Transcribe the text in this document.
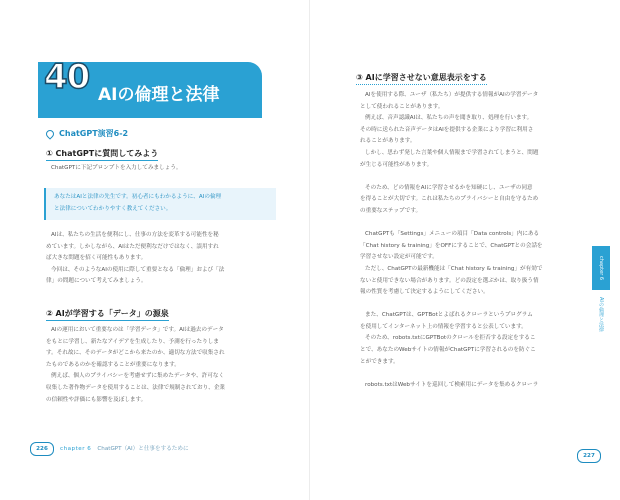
40 AIの倫理と法律
ChatGPT演習6-2
① ChatGPTに質問してみよう

ChatGPTに下記プロンプトを入力してみましょう。

あなたはAIと法律の先生です。初心者にもわかるように、AIの倫理
と法律についてわかりやすく教えてください。
AIは、私たちの生活を便利にし、仕事の方法を変革する可能性を秘
めています。しかしながら、AIはただ便利なだけではなく、誤用すれ
ば大きな問題を招く可能性もあります。
今回は、そのようなAIの使用に際して重要となる「倫理」および「法
律」の問題について考えてみましょう。
② AIが学習する「データ」の源泉
AIの運用において重要なのは「学習データ」です。AIは過去のデータ
をもとに学習し、新たなアイデアを生成したり、予測を行ったりしま
す。それ故に、そのデータがどこから来たのか、適切な方法で収集され
たものであるのかを確認することが重要になります。
例えば、個人のプライバシーを考慮せずに集めたデータや、許可なく
収集した著作物データを使用することは、法律で規制されており、企業
の信頼性や評価にも影響を及ぼします。
226 chapter 6 ChatGPT（AI）と仕事をするために
③ AIに学習させない意思表示をする
AIを使用する際、ユーザ（私たち）が提供する情報がAIの学習データ
として使われることがあります。
例えば、音声認識AIは、私たちの声を聞き取り、処理を行います。
その時に送られた音声データはAIを提供する企業により学習に利用さ
れることがあります。
しかし、思わず発した言葉や個人情報まで学習されてしまうと、問題
が生じる可能性があります。
そのため、どの情報をAIに学習させるかを知硬にし、ユーザの同意
を得ることが大切です。これは私たちのプライバシーと自由を守るため
の重要なステップです。
ChatGPTも「Settings」メニューの項目「Data controls」内にある
「Chat history & training」をOFFにすることで、ChatGPTとの会話を
学習させない設定が可能です。
ただし、ChatGPTの最新機能は「Chat history & training」が有効で
ないと使用できない場合があります。どの設定を選ぶかは、取り扱う情
報の性質を考慮して決定するようにしてください。
また、ChatGPTは、GPTBotとよばれるクローラというプログラム
を使用してインターネット上の情報を学習すると公表しています。
そのため、robots.txtにGPTBotのクロールを拒否する設定をするこ
とで、あなたのWebサイトの情報がChatGPTに学習されるのを防ぐこ
とができます。
robots.txtはWebサイトを巡回して検索用にデータを集めるクローラ
chapter 6
AIの倫理と法律
227
